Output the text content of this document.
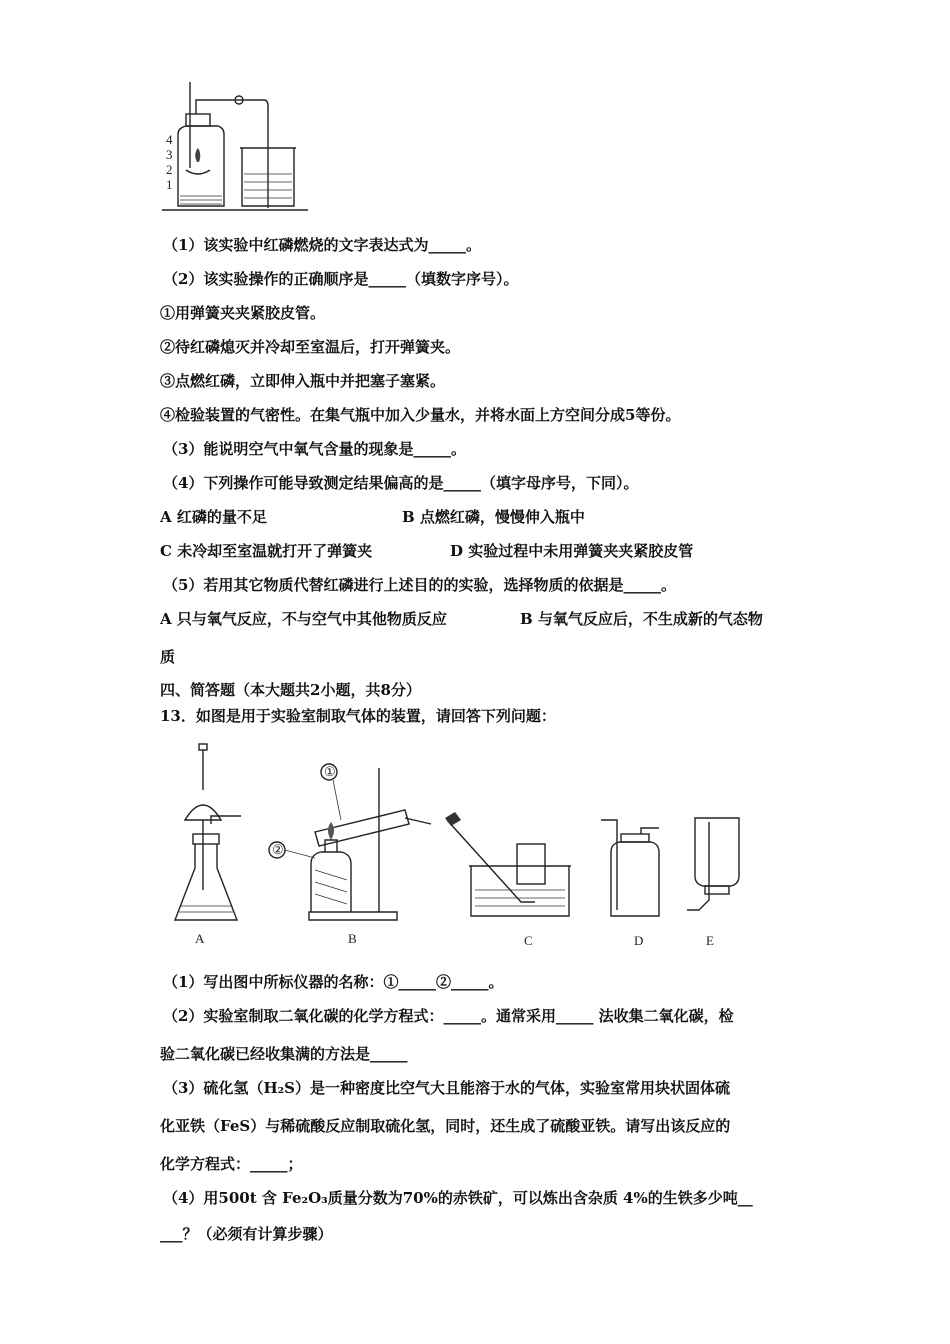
4
3
2
1
（1）该实验中红磷燃烧的文字表达式为_____。
（2）该实验操作的正确顺序是_____（填数字序号）。
①用弹簧夹夹紧胶皮管。
②待红磷熄灭并冷却至室温后，打开弹簧夹。
③点燃红磷，立即伸入瓶中并把塞子塞紧。
④检验装置的气密性。在集气瓶中加入少量水，并将水面上方空间分成5等份。
（3）能说明空气中氧气含量的现象是_____。
（4）下列操作可能导致测定结果偏高的是_____（填字母序号，下同）。
A 红磷的量不足	B 点燃红磷，慢慢伸入瓶中
C 未冷却至室温就打开了弹簧夹	D 实验过程中未用弹簧夹夹紧胶皮管
（5）若用其它物质代替红磷进行上述目的的实验，选择物质的依据是_____。
A 只与氧气反应，不与空气中其他物质反应	B 与氧气反应后，不生成新的气态物
质
四、简答题（本大题共2小题，共8分）
13．如图是用于实验室制取气体的装置，请回答下列问题：
A
①
②
B	C	D	E
（1）写出图中所标仪器的名称：①_____②_____。
（2）实验室制取二氧化碳的化学方程式：_____。通常采用_____ 法收集二氧化碳，检
验二氧化碳已经收集满的方法是_____
（3）硫化氢（H₂S）是一种密度比空气大且能溶于水的气体，实验室常用块状固体硫
化亚铁（FeS）与稀硫酸反应制取硫化氢，同时，还生成了硫酸亚铁。请写出该反应的
化学方程式：_____；
（4）用500t 含 Fe₂O₃质量分数为70%的赤铁矿，可以炼出含杂质 4%的生铁多少吨__
___？（必须有计算步骤）
